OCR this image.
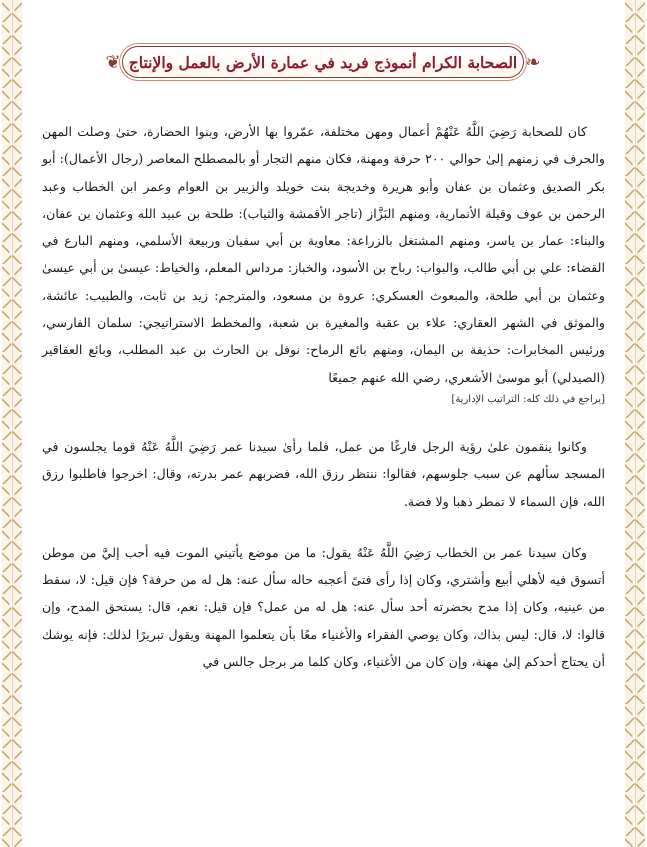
❦ الصحابة الكرام أنموذج فريد في عمارة الأرض بالعمل والإنتاج ❧

كان للصحابة رَضِيَ اللَّهُ عَنْهُمْ أعمال ومهن مختلفة، عمّروا بها الأرض، وبنوا الحضارة، حتىٰ وصلت المهن والحرف في زمنهم إلىٰ حوالي ٢٠٠ حرفة ومهنة، فكان منهم التجار أو بالمصطلح المعاصر (رجال الأعمال): أبو بكر الصديق وعثمان بن عفان وأبو هريرة وخديجة بنت خويلد والزبير بن العوام وعمر ابن الخطاب وعبد الرحمن بن عوف وقيلة الأنمارية، ومنهم البَزَّاز (تاجر الأقمشة والثياب): طلحة بن عبيد الله وعثمان بن عفان، والبناء: عمار بن ياسر، ومنهم المشتغل بالزراعة: معاوية بن أبي سفيان وربيعة الأسلمي، ومنهم البارع في القضاء: علي بن أبي طالب، والبواب: رباح بن الأسود، والخباز: مرداس المعلم، والخياط: عيسىٰ بن أبي عيسىٰ وعثمان بن أبي طلحة، والمبعوث العسكري: عروة بن مسعود، والمترجم: زيد بن ثابت، والطبيب: عائشة، والموثق في الشهر العقاري: علاء بن عقبة والمغيرة بن شعبة، والمخطط الاستراتيجي: سلمان الفارسي، ورئيس المخابرات: حذيفة بن اليمان، ومنهم بائع الرماح: نوفل بن الحارث بن عبد المطلب، وبائع العقاقير (الصيدلي) أبو موسىٰ الأشعري، رضي الله عنهم جميعًا

[يراجع في ذلك كله: التراتيب الإدارية]

وكانوا ينقمون علىٰ رؤية الرجل فارغًا من عمل، فلما رأىٰ سيدنا عمر رَضِيَ اللَّهُ عَنْهُ قوما يجلسون في المسجد سألهم عن سبب جلوسهم، فقالوا: ننتظر رزق الله، فضربهم عمر بدرته، وقال: اخرجوا فاطلبوا رزق الله، فإن السماء لا تمطر ذهبا ولا فضة.

وكان سيدنا عمر بن الخطاب رَضِيَ اللَّهُ عَنْهُ يقول: ما من موضع يأتيني الموت فيه أحب إليَّ من موطن أتسوق فيه لأهلي أبيع وأشتري، وكان إذا رأى فتىً أعجبه حاله سأل عنه: هل له من حرفة؟ فإن قيل: لا، سقط من عينيه، وكان إذا مدح بحضرته أحد سأل عنه: هل له من عمل؟ فإن قيل: نعم، قال: يستحق المدح، وإن قالوا: لا، قال: ليس بذاك، وكان يوصي الفقراء والأغنياء معًا بأن يتعلموا المهنة ويقول تبريرًا لذلك: فإنه يوشك أن يحتاج أحدكم إلىٰ مهنة، وإن كان من الأغنياء، وكان كلما مر برجل جالس في
